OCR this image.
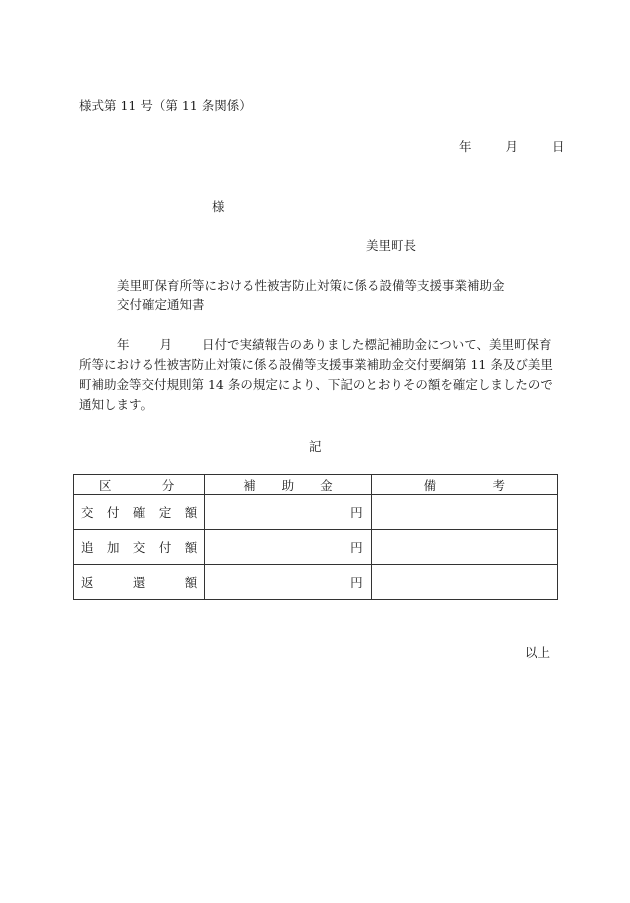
様式第 11 号（第 11 条関係）
年	月	日
様
美里町長
美里町保育所等における性被害防止対策に係る設備等支援事業補助金
交付確定通知書

年 月 日付で実績報告のありました標記補助金について、美里町保育所等における性被害防止対策に係る設備等支援事業補助金交付要綱第 11 条及び美里町補助金等交付規則第 14 条の規定により、下記のとおりその額を確定しましたので通知します。

記
区 分	補 助 金	備 考

交 付 確 定 額	円	

追 加 交 付 額	円	

返 還 額	円	
以上
